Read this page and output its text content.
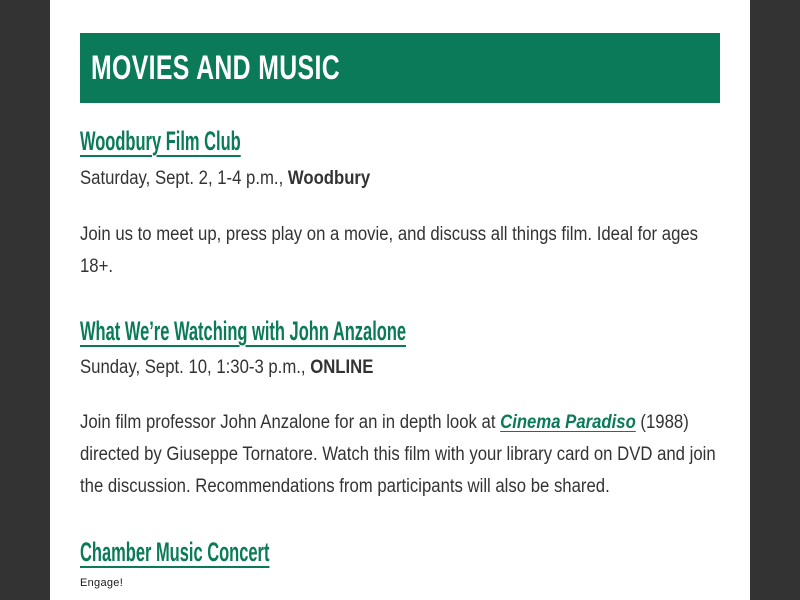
MOVIES AND MUSIC
Woodbury Film Club
Saturday, Sept. 2, 1-4 p.m., Woodbury
Join us to meet up, press play on a movie, and discuss all things film. Ideal for ages 18+.
What We’re Watching with John Anzalone
Sunday, Sept. 10, 1:30-3 p.m., ONLINE
Join film professor John Anzalone for an in depth look at Cinema Paradiso (1988) directed by Giuseppe Tornatore. Watch this film with your library card on DVD and join the discussion. Recommendations from participants will also be shared.
Chamber Music Concert
Engage!
